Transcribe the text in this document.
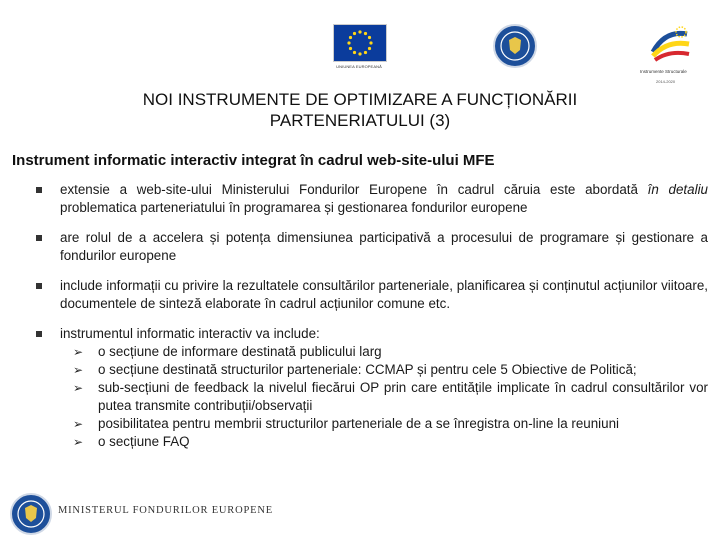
UNIUNEA EUROPEANĂ
Instrumente Structurale
2014-2020
NOI INSTRUMENTE DE OPTIMIZARE A FUNCȚIONĂRII
PARTENERIATULUI (3)
Instrument informatic interactiv integrat în cadrul web-site-ului MFE
extensie a web-site-ului Ministerului Fondurilor Europene în cadrul căruia este abordată în detaliu problematica parteneriatului în programarea și gestionarea fondurilor europene
are rolul de a accelera și potența dimensiunea participativă a procesului de programare și gestionare a fondurilor europene
include informații cu privire la rezultatele consultărilor parteneriale, planificarea și conținutul acțiunilor viitoare, documentele de sinteză elaborate în cadrul acțiunilor comune etc.
instrumentul informatic interactiv va include:
➢ o secțiune de informare destinată publicului larg
➢ o secțiune destinată structurilor parteneriale: CCMAP și pentru cele 5 Obiective de Politică;
➢ sub-secțiuni de feedback la nivelul fiecărui OP prin care entitățile implicate în cadrul consultărilor vor putea transmite contribuții/observații
➢ posibilitatea pentru membrii structurilor parteneriale de a se înregistra on-line la reuniuni
➢ o secțiune FAQ
MINISTERUL FONDURILOR EUROPENE
